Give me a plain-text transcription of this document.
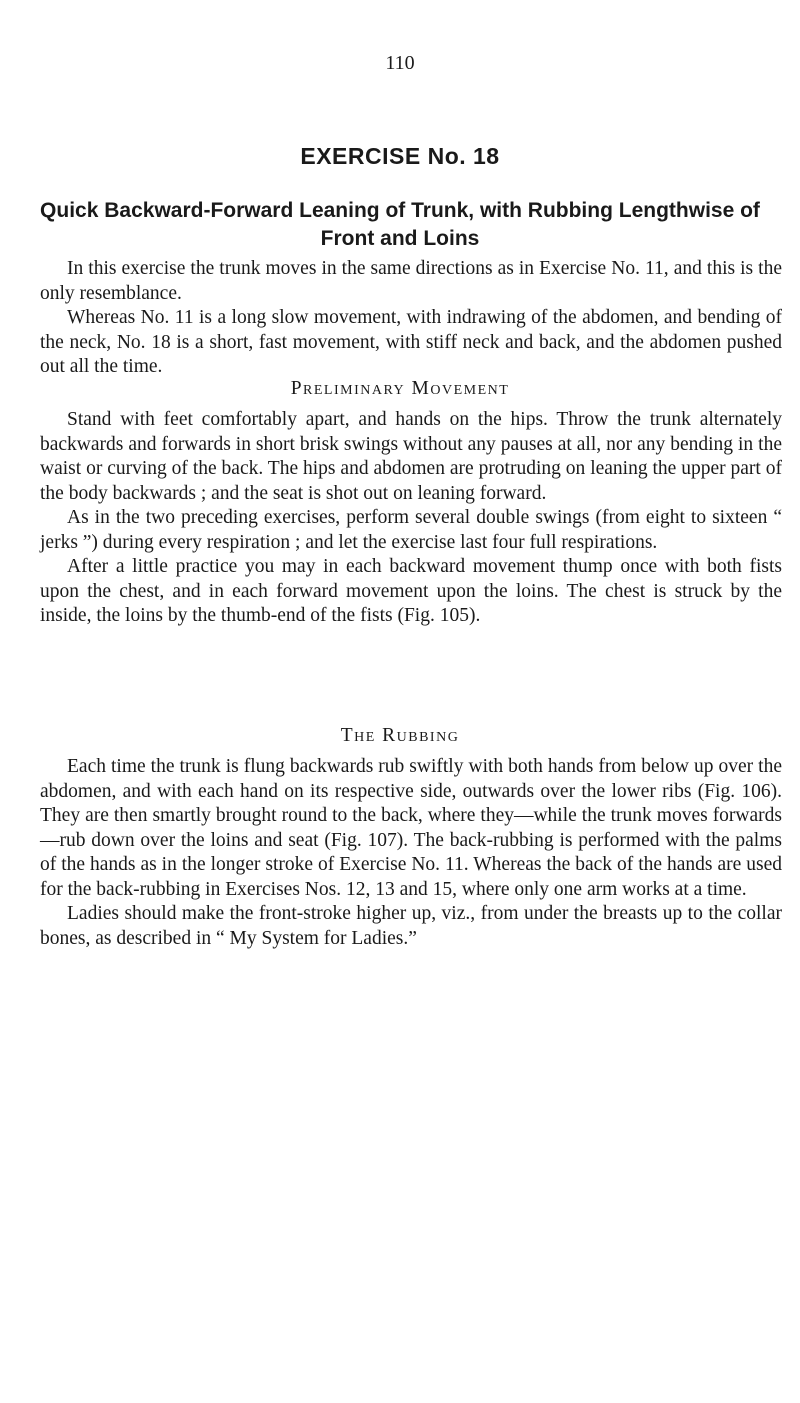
110
EXERCISE No. 18
Quick Backward-Forward Leaning of Trunk, with Rubbing Lengthwise of Front and Loins

In this exercise the trunk moves in the same directions as in Exercise No. 11, and this is the only resemblance.

Whereas No. 11 is a long slow movement, with indrawing of the abdomen, and bending of the neck, No. 18 is a short, fast movement, with stiff neck and back, and the abdomen pushed out all the time.

Preliminary Movement

Stand with feet comfortably apart, and hands on the hips. Throw the trunk alternately backwards and forwards in short brisk swings without any pauses at all, nor any bending in the waist or curving of the back. The hips and abdomen are protruding on leaning the upper part of the body backwards ; and the seat is shot out on leaning forward.

As in the two preceding exercises, perform several double swings (from eight to sixteen “ jerks ”) during every respiration ; and let the exercise last four full respirations.

After a little practice you may in each backward movement thump once with both fists upon the chest, and in each forward movement upon the loins. The chest is struck by the inside, the loins by the thumb-end of the fists (Fig. 105).

The Rubbing

Each time the trunk is flung backwards rub swiftly with both hands from below up over the abdomen, and with each hand on its respective side, outwards over the lower ribs (Fig. 106). They are then smartly brought round to the back, where they—while the trunk moves forwards—rub down over the loins and seat (Fig. 107). The back-rubbing is performed with the palms of the hands as in the longer stroke of Exercise No. 11. Whereas the back of the hands are used for the back-rubbing in Exercises Nos. 12, 13 and 15, where only one arm works at a time.

Ladies should make the front-stroke higher up, viz., from under the breasts up to the collar bones, as described in “ My System for Ladies.”
